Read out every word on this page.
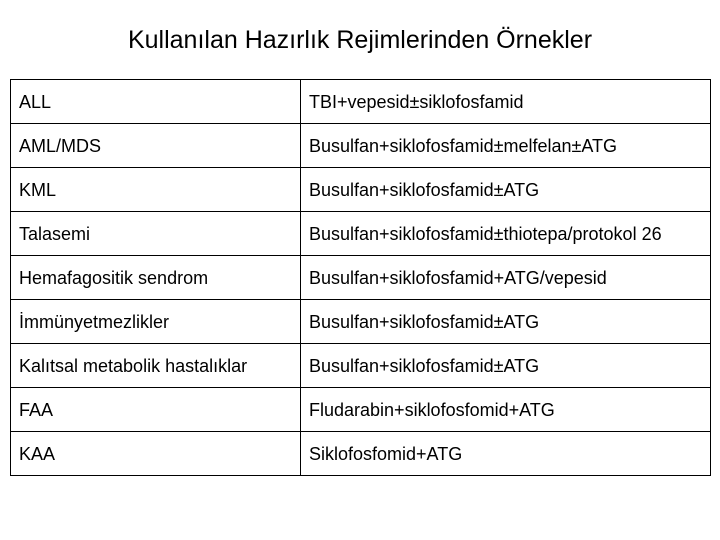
Kullanılan Hazırlık Rejimlerinden Örnekler
ALL	TBI+vepesid±siklofosfamid
AML/MDS	Busulfan+siklofosfamid±melfelan±ATG
KML	Busulfan+siklofosfamid±ATG
Talasemi	Busulfan+siklofosfamid±thiotepa/protokol 26
Hemafagositik sendrom	Busulfan+siklofosfamid+ATG/vepesid
İmmünyetmezlikler	Busulfan+siklofosfamid±ATG
Kalıtsal metabolik hastalıklar	Busulfan+siklofosfamid±ATG
FAA	Fludarabin+siklofosfomid+ATG
KAA	Siklofosfomid+ATG
